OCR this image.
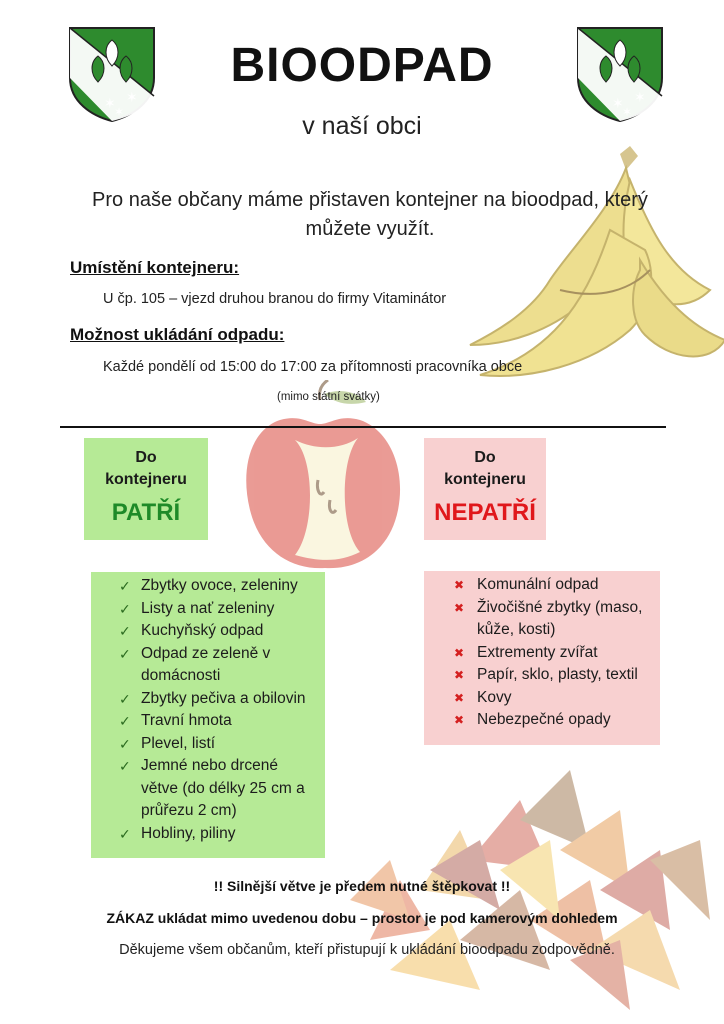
✶ ✶
✶	✶ ✶
✶
BIOODPAD
v naší obci
Pro naše občany máme přistaven kontejner na bioodpad, který můžete využít.
Umístění kontejneru:
U čp. 105 – vjezd druhou branou do firmy Vitaminátor
Možnost ukládání odpadu:
Každé pondělí od 15:00 do 17:00 za přítomnosti pracovníka obce
(mimo státní svátky)
Do
kontejneru
PATŘÍ
Do
kontejneru
NEPATŘÍ
✓ Zbytky ovoce, zeleniny
✓ Listy a nať zeleniny
✓ Kuchyňský odpad
✓ Odpad ze zeleně v domácnosti
✓ Zbytky pečiva a obilovin
✓ Travní hmota
✓ Plevel, listí
✓ Jemné nebo drcené větve (do délky 25 cm a průřezu 2 cm)
✓ Hobliny, piliny
✖ Komunální odpad
✖ Živočišné zbytky (maso, kůže, kosti)
✖ Extrementy zvířat
✖ Papír, sklo, plasty, textil
✖ Kovy
✖ Nebezpečné opady
!! Silnější větve je předem nutné štěpkovat !!
ZÁKAZ ukládat mimo uvedenou dobu – prostor je pod kamerovým dohledem
Děkujeme všem občanům, kteří přistupují k ukládání bioodpadu zodpovědně.
